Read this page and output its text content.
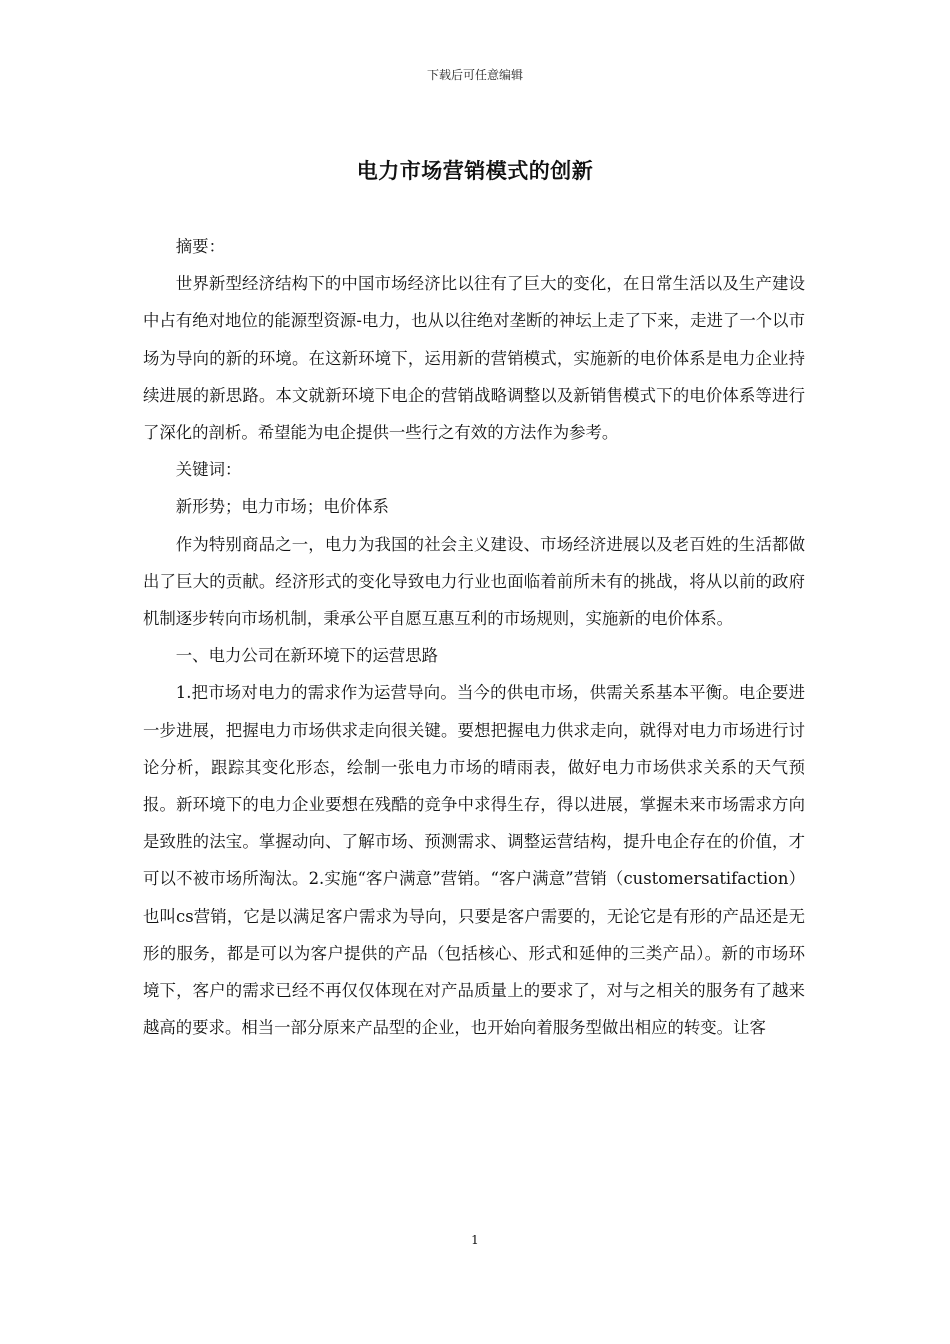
下载后可任意编辑
电力市场营销模式的创新

摘要：

世界新型经济结构下的中国市场经济比以往有了巨大的变化，在日常生活以及生产建设中占有绝对地位的能源型资源-电力，也从以往绝对垄断的神坛上走了下来，走进了一个以市场为导向的新的环境。在这新环境下，运用新的营销模式，实施新的电价体系是电力企业持续进展的新思路。本文就新环境下电企的营销战略调整以及新销售模式下的电价体系等进行了深化的剖析。希望能为电企提供一些行之有效的方法作为参考。

关键词：

新形势；电力市场；电价体系

作为特别商品之一，电力为我国的社会主义建设、市场经济进展以及老百姓的生活都做出了巨大的贡献。经济形式的变化导致电力行业也面临着前所未有的挑战，将从以前的政府机制逐步转向市场机制，秉承公平自愿互惠互利的市场规则，实施新的电价体系。

一、电力公司在新环境下的运营思路

1.把市场对电力的需求作为运营导向。当今的供电市场，供需关系基本平衡。电企要进一步进展，把握电力市场供求走向很关键。要想把握电力供求走向，就得对电力市场进行讨论分析，跟踪其变化形态，绘制一张电力市场的晴雨表，做好电力市场供求关系的天气预报。新环境下的电力企业要想在残酷的竞争中求得生存，得以进展，掌握未来市场需求方向是致胜的法宝。掌握动向、了解市场、预测需求、调整运营结构，提升电企存在的价值，才可以不被市场所淘汰。2.实施“客户满意”营销。“客户满意”营销（customersatifaction）也叫cs营销，它是以满足客户需求为导向，只要是客户需要的，无论它是有形的产品还是无形的服务，都是可以为客户提供的产品（包括核心、形式和延伸的三类产品）。新的市场环境下，客户的需求已经不再仅仅体现在对产品质量上的要求了，对与之相关的服务有了越来越高的要求。相当一部分原来产品型的企业，也开始向着服务型做出相应的转变。让客

1
